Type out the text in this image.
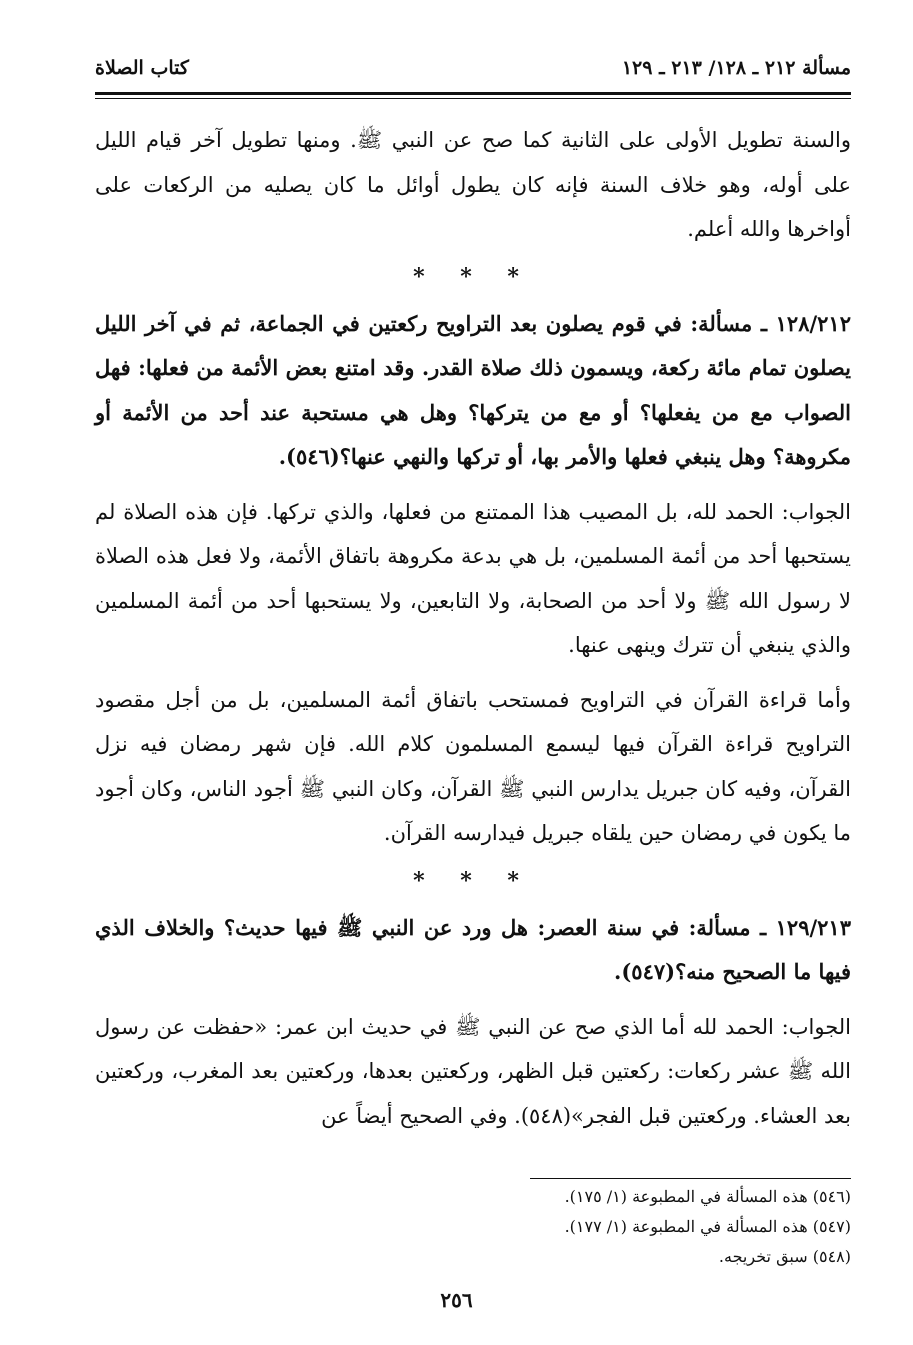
مسألة ٢١٢ ـ ١٢٨/ ٢١٣ ـ ١٢٩
كتاب الصلاة

والسنة تطويل الأولى على الثانية كما صح عن النبي ﷺ. ومنها تطويل آخر قيام الليل على أوله، وهو خلاف السنة فإنه كان يطول أوائل ما كان يصليه من الركعات على أواخرها والله أعلم.

* * *

١٢٨/٢١٢ ـ مسألة: في قوم يصلون بعد التراويح ركعتين في الجماعة، ثم في آخر الليل يصلون تمام مائة ركعة، ويسمون ذلك صلاة القدر. وقد امتنع بعض الأئمة من فعلها: فهل الصواب مع من يفعلها؟ أو مع من يتركها؟ وهل هي مستحبة عند أحد من الأئمة أو مكروهة؟ وهل ينبغي فعلها والأمر بها، أو تركها والنهي عنها؟(٥٤٦).

الجواب: الحمد لله، بل المصيب هذا الممتنع من فعلها، والذي تركها. فإن هذه الصلاة لم يستحبها أحد من أئمة المسلمين، بل هي بدعة مكروهة باتفاق الأئمة، ولا فعل هذه الصلاة لا رسول الله ﷺ ولا أحد من الصحابة، ولا التابعين، ولا يستحبها أحد من أئمة المسلمين والذي ينبغي أن تترك وينهى عنها.

وأما قراءة القرآن في التراويح فمستحب باتفاق أئمة المسلمين، بل من أجل مقصود التراويح قراءة القرآن فيها ليسمع المسلمون كلام الله. فإن شهر رمضان فيه نزل القرآن، وفيه كان جبريل يدارس النبي ﷺ القرآن، وكان النبي ﷺ أجود الناس، وكان أجود ما يكون في رمضان حين يلقاه جبريل فيدارسه القرآن.

* * *

١٢٩/٢١٣ ـ مسألة: في سنة العصر: هل ورد عن النبي ﷺ فيها حديث؟ والخلاف الذي فيها ما الصحيح منه؟(٥٤٧).

الجواب: الحمد لله أما الذي صح عن النبي ﷺ في حديث ابن عمر: «حفظت عن رسول الله ﷺ عشر ركعات: ركعتين قبل الظهر، وركعتين بعدها، وركعتين بعد المغرب، وركعتين بعد العشاء. وركعتين قبل الفجر»(٥٤٨). وفي الصحيح أيضاً عن

(٥٤٦) هذه المسألة في المطبوعة (١/ ١٧٥).
(٥٤٧) هذه المسألة في المطبوعة (١/ ١٧٧).
(٥٤٨) سبق تخريجه.
٢٥٦
